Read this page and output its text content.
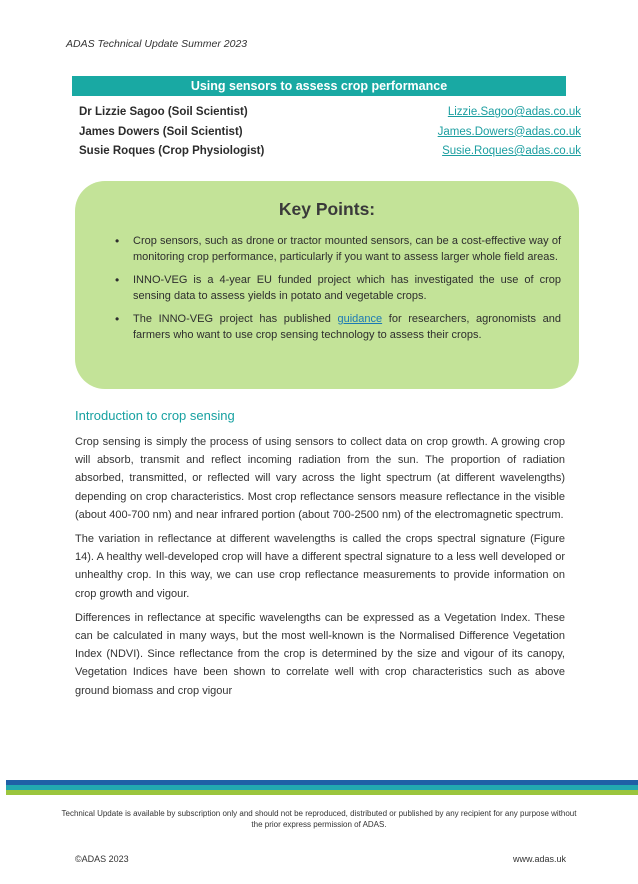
ADAS Technical Update Summer 2023
Using sensors to assess crop performance
Dr Lizzie Sagoo (Soil Scientist)	Lizzie.Sagoo@adas.co.uk
James Dowers (Soil Scientist)	James.Dowers@adas.co.uk
Susie Roques (Crop Physiologist)	Susie.Roques@adas.co.uk
Key Points:
• Crop sensors, such as drone or tractor mounted sensors, can be a cost-effective way of monitoring crop performance, particularly if you want to assess larger whole field areas.
• INNO-VEG is a 4-year EU funded project which has investigated the use of crop sensing data to assess yields in potato and vegetable crops.
• The INNO-VEG project has published guidance for researchers, agronomists and farmers who want to use crop sensing technology to assess their crops.
Introduction to crop sensing

Crop sensing is simply the process of using sensors to collect data on crop growth. A growing crop will absorb, transmit and reflect incoming radiation from the sun. The proportion of radiation absorbed, transmitted, or reflected will vary across the light spectrum (at different wavelengths) depending on crop characteristics. Most crop reflectance sensors measure reflectance in the visible (about 400-700 nm) and near infrared portion (about 700-2500 nm) of the electromagnetic spectrum.

The variation in reflectance at different wavelengths is called the crops spectral signature (Figure 14). A healthy well-developed crop will have a different spectral signature to a less well developed or unhealthy crop. In this way, we can use crop reflectance measurements to provide information on crop growth and vigour.

Differences in reflectance at specific wavelengths can be expressed as a Vegetation Index. These can be calculated in many ways, but the most well-known is the Normalised Difference Vegetation Index (NDVI). Since reflectance from the crop is determined by the size and vigour of its canopy, Vegetation Indices have been shown to correlate well with crop characteristics such as above ground biomass and crop vigour

Technical Update is available by subscription only and should not be reproduced, distributed or published by any recipient for any purpose without the prior express permission of ADAS.
©ADAS 2023	www.adas.uk
